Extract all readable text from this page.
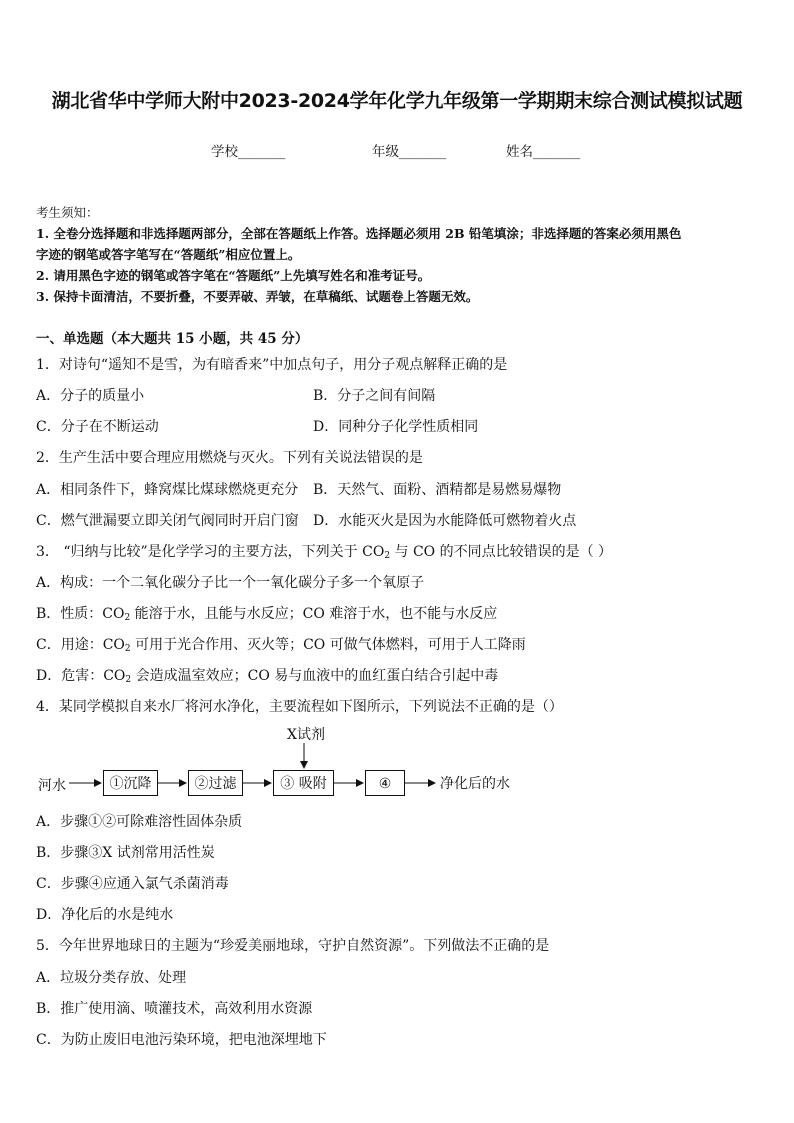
湖北省华中学师大附中2023-2024学年化学九年级第一学期期末综合测试模拟试题
学校_______	年级_______	姓名_______
考生须知：
1. 全卷分选择题和非选择题两部分，全部在答题纸上作答。选择题必须用 2B 铅笔填涂；非选择题的答案必须用黑色
字迹的钢笔或答字笔写在“答题纸”相应位置上。
2. 请用黑色字迹的钢笔或答字笔在“答题纸”上先填写姓名和准考证号。
3. 保持卡面清洁，不要折叠，不要弄破、弄皱，在草稿纸、试题卷上答题无效。
一、单选题（本大题共 15 小题，共 45 分）
1．对诗句“遥知不是雪，为有暗香来”中加点句子，用分子观点解释正确的是
A．分子的质量小	B．分子之间有间隔
C．分子在不断运动	D．同种分子化学性质相同
2．生产生活中要合理应用燃烧与灭火。下列有关说法错误的是
A．相同条件下，蜂窝煤比煤球燃烧更充分 B．天然气、面粉、酒精都是易燃易爆物
C．燃气泄漏要立即关闭气阀同时开启门窗 D．水能灭火是因为水能降低可燃物着火点
3． “归纳与比较”是化学学习的主要方法，下列关于 $CO_2$ 与 CO 的不同点比较错误的是（ ）
A．构成：一个二氧化碳分子比一个一氧化碳分子多一个氧原子
B．性质：$CO_2$ 能溶于水，且能与水反应；CO 难溶于水，也不能与水反应
C．用途：$CO_2$ 可用于光合作用、灭火等；CO 可做气体燃料，可用于人工降雨
D．危害：$CO_2$ 会造成温室效应；CO 易与血液中的血红蛋白结合引起中毒
4．某同学模拟自来水厂将河水净化，主要流程如下图所示，下列说法不正确的是（）
X试剂
河水	①沉降	②过滤	③ 吸附	④	净化后的水
A．步骤①②可除难溶性固体杂质
B．步骤③X 试剂常用活性炭
C．步骤④应通入氯气杀菌消毒
D．净化后的水是纯水
5．今年世界地球日的主题为“珍爱美丽地球，守护自然资源”。下列做法不正确的是
A．垃圾分类存放、处理
B．推广使用滴、喷灌技术，高效利用水资源
C．为防止废旧电池污染环境，把电池深埋地下
